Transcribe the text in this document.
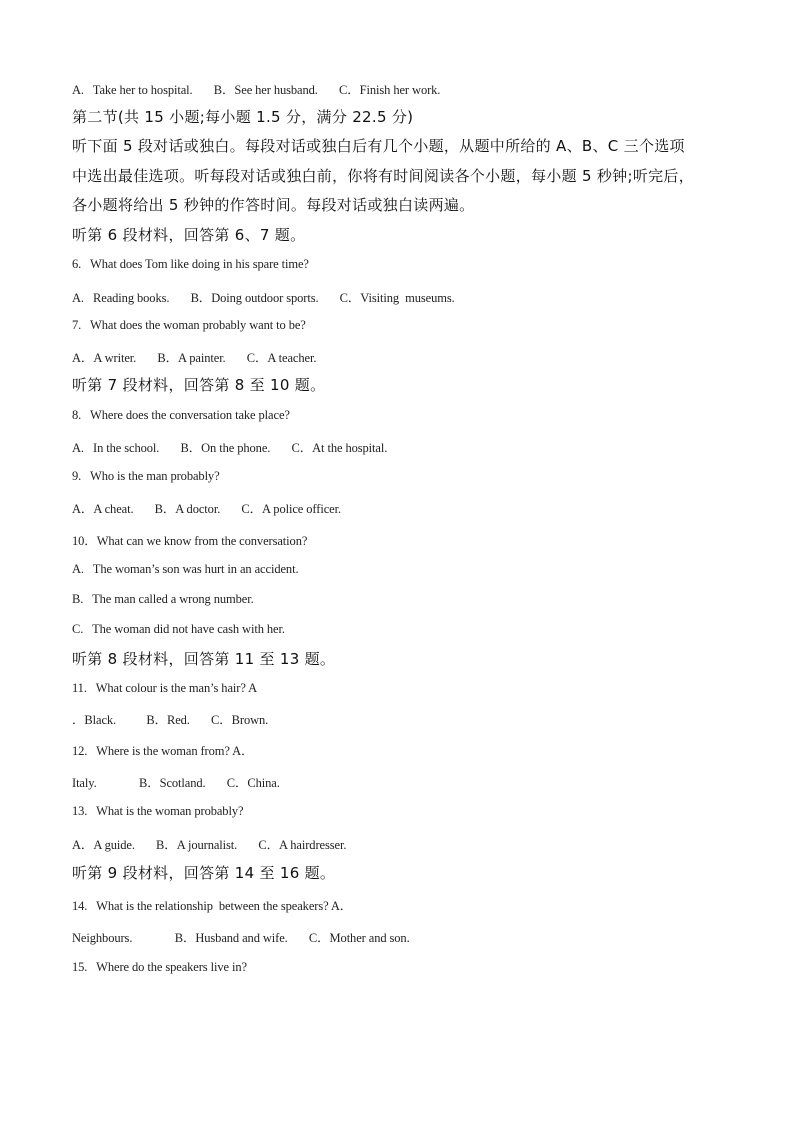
A.   Take her to hospital.       B．See her husband.       C．Finish her work.
第二节(共 15 小题;每小题 1.5 分，满分 22.5 分)
听下面 5 段对话或独白。每段对话或独白后有几个小题，从题中所给的 A、B、C 三个选项
中选出最佳选项。听每段对话或独白前，你将有时间阅读各个小题，每小题 5 秒钟;听完后，
各小题将给出 5 秒钟的作答时间。每段对话或独白读两遍。
听第 6 段材料，回答第 6、7 题。
6.   What does Tom like doing in his spare time?
A.   Reading books.       B．Doing outdoor sports.       C．Visiting  museums.
7.   What does the woman probably want to be?
A．A writer.       B．A painter.       C．A teacher.
听第 7 段材料，回答第 8 至 10 题。
8.   Where does the conversation take place?
A.   In the school.       B．On the phone.       C．At the hospital.
9.   Who is the man probably?
A．A cheat.       B．A doctor.       C．A police officer.
10．What can we know from the conversation?
A.   The woman’s son was hurt in an accident.
B.   The man called a wrong number.
C.   The woman did not have cash with her.
听第 8 段材料，回答第 11 至 13 题。
11.   What colour is the man’s hair? A
．Black.          B．Red.       C．Brown.
12.   Where is the woman from? A．
Italy.              B．Scotland.       C．China.
13.   What is the woman probably?
A．A guide.       B．A journalist.       C．A hairdresser.
听第 9 段材料，回答第 14 至 16 题。
14.   What is the relationship  between the speakers? A．
Neighbours.              B．Husband and wife.       C．Mother and son.
15.   Where do the speakers live in?
